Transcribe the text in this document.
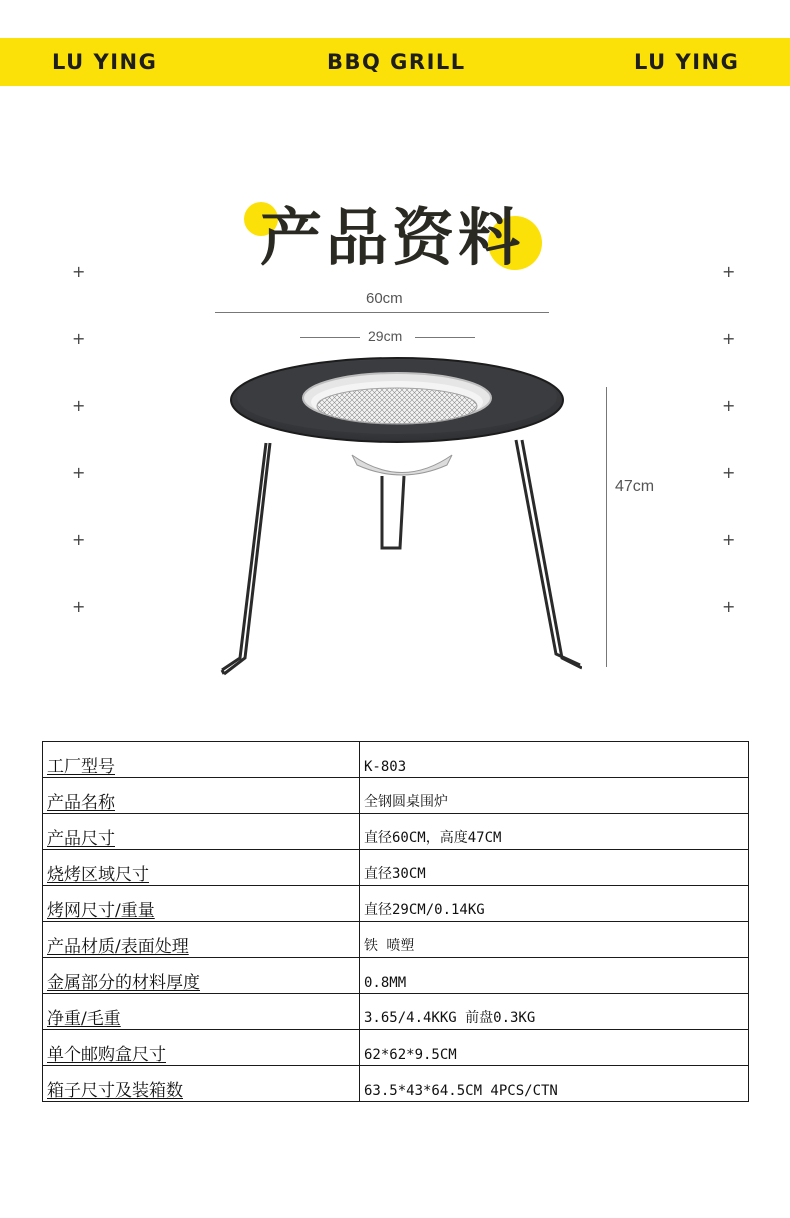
LU YING	BBQ GRILL	LU YING
产品资料
+
+
+
+
+
+
+
+
+
+
+
+
60cm
29cm
47cm
工厂型号	K-803
产品名称	全钢圆桌围炉
产品尺寸	直径60CM，高度47CM
烧烤区域尺寸	直径30CM
烤网尺寸/重量	直径29CM/0.14KG
产品材质/表面处理	铁 喷塑
金属部分的材料厚度	0.8MM
净重/毛重	3.65/4.4KKG 前盘0.3KG
单个邮购盒尺寸	62*62*9.5CM
箱子尺寸及装箱数	63.5*43*64.5CM 4PCS/CTN
